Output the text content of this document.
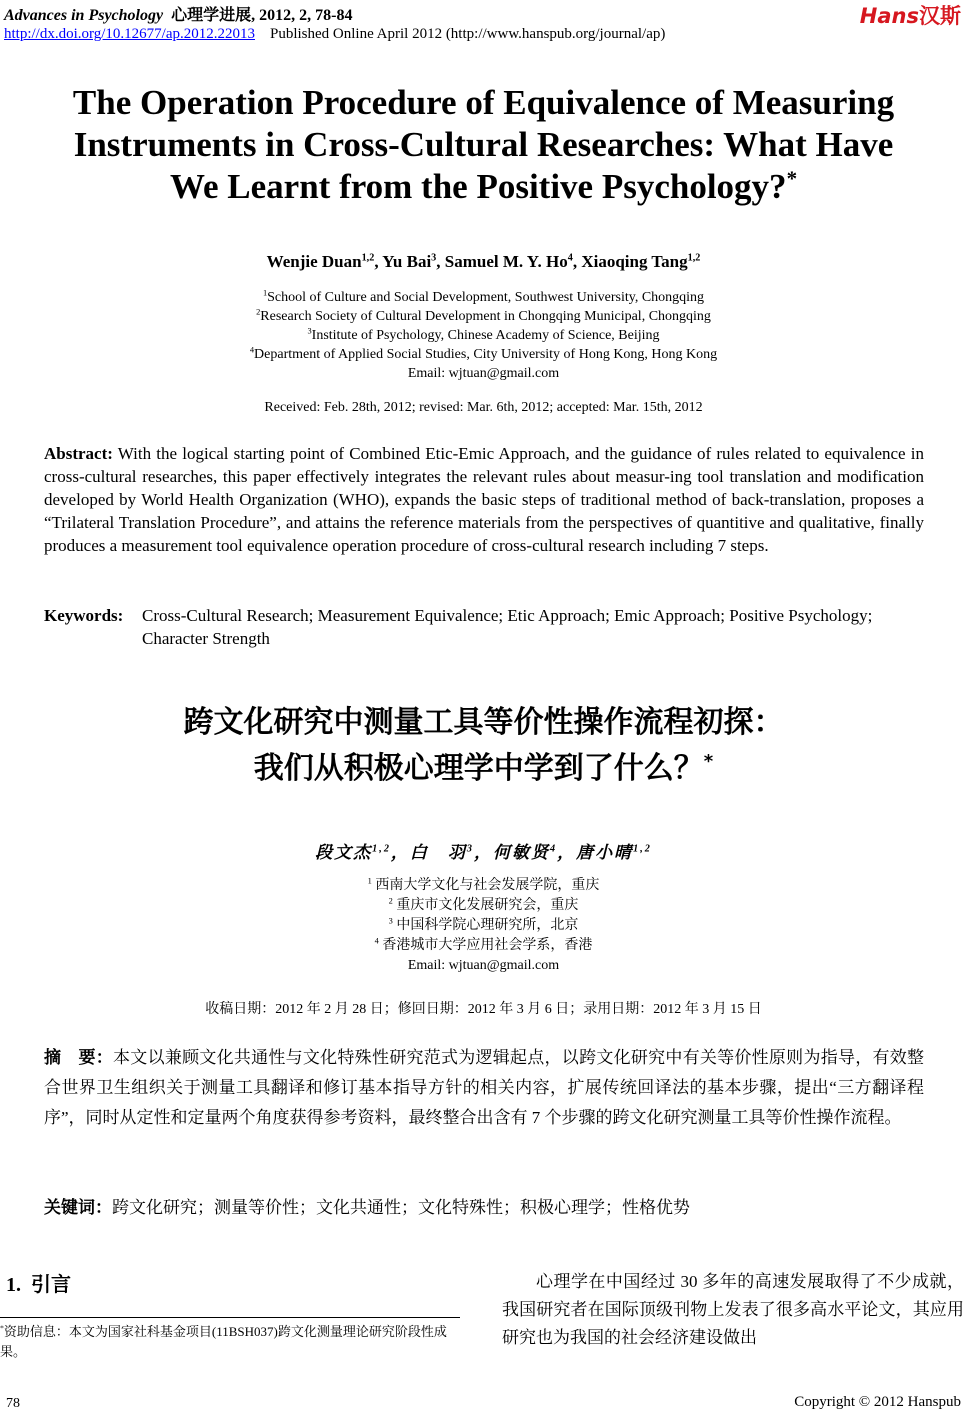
Advances in Psychology 心理学进展, 2012, 2, 78-84
http://dx.doi.org/10.12677/ap.2012.22013 Published Online April 2012 (http://www.hanspub.org/journal/ap)
Hans汉斯
The Operation Procedure of Equivalence of Measuring
Instruments in Cross-Cultural Researches: What Have
We Learnt from the Positive Psychology?*
Wenjie Duan$^{1,2}$, Yu Bai$^3$, Samuel M. Y. Ho$^4$, Xiaoqing Tang$^{1,2}$
$^1$School of Culture and Social Development, Southwest University, Chongqing
$^2$Research Society of Cultural Development in Chongqing Municipal, Chongqing
$^3$Institute of Psychology, Chinese Academy of Science, Beijing
$^4$Department of Applied Social Studies, City University of Hong Kong, Hong Kong
Email: wjtuan@gmail.com
Received: Feb. 28th, 2012; revised: Mar. 6th, 2012; accepted: Mar. 15th, 2012
Abstract: With the logical starting point of Combined Etic-Emic Approach, and the guidance of rules related to equivalence in cross-cultural researches, this paper effectively integrates the relevant rules about measur-ing tool translation and modification developed by World Health Organization (WHO), expands the basic steps of traditional method of back-translation, proposes a “Trilateral Translation Procedure”, and attains the reference materials from the perspectives of quantitive and qualitative, finally produces a measurement tool equivalence operation procedure of cross-cultural research including 7 steps.
Keywords:	Cross-Cultural Research; Measurement Equivalence; Etic Approach; Emic Approach; Positive Psychology; Character Strength
跨文化研究中测量工具等价性操作流程初探：
我们从积极心理学中学到了什么？*
段文杰$^{1,2}$，白　羽$^3$，何敏贤$^4$，唐小晴$^{1,2}$
$^1$ 西南大学文化与社会发展学院，重庆
$^2$ 重庆市文化发展研究会，重庆
$^3$ 中国科学院心理研究所，北京
$^4$ 香港城市大学应用社会学系，香港
Email: wjtuan@gmail.com
收稿日期：2012 年 2 月 28 日；修回日期：2012 年 3 月 6 日；录用日期：2012 年 3 月 15 日
摘　要：本文以兼顾文化共通性与文化特殊性研究范式为逻辑起点，以跨文化研究中有关等价性原则为指导，有效整合世界卫生组织关于测量工具翻译和修订基本指导方针的相关内容，扩展传统回译法的基本步骤，提出“三方翻译程序”，同时从定性和定量两个角度获得参考资料，最终整合出含有 7 个步骤的跨文化研究测量工具等价性操作流程。
关键词：跨文化研究；测量等价性；文化共通性；文化特殊性；积极心理学；性格优势
1. 引言	心理学在中国经过 30 多年的高速发展取得了不少成就，我国研究者在国际顶级刊物上发表了很多高水平论文，其应用研究也为我国的社会经济建设做出
*资助信息：本文为国家社科基金项目(11BSH037)跨文化测量理论研究阶段性成果。
78	Copyright © 2012 Hanspub
